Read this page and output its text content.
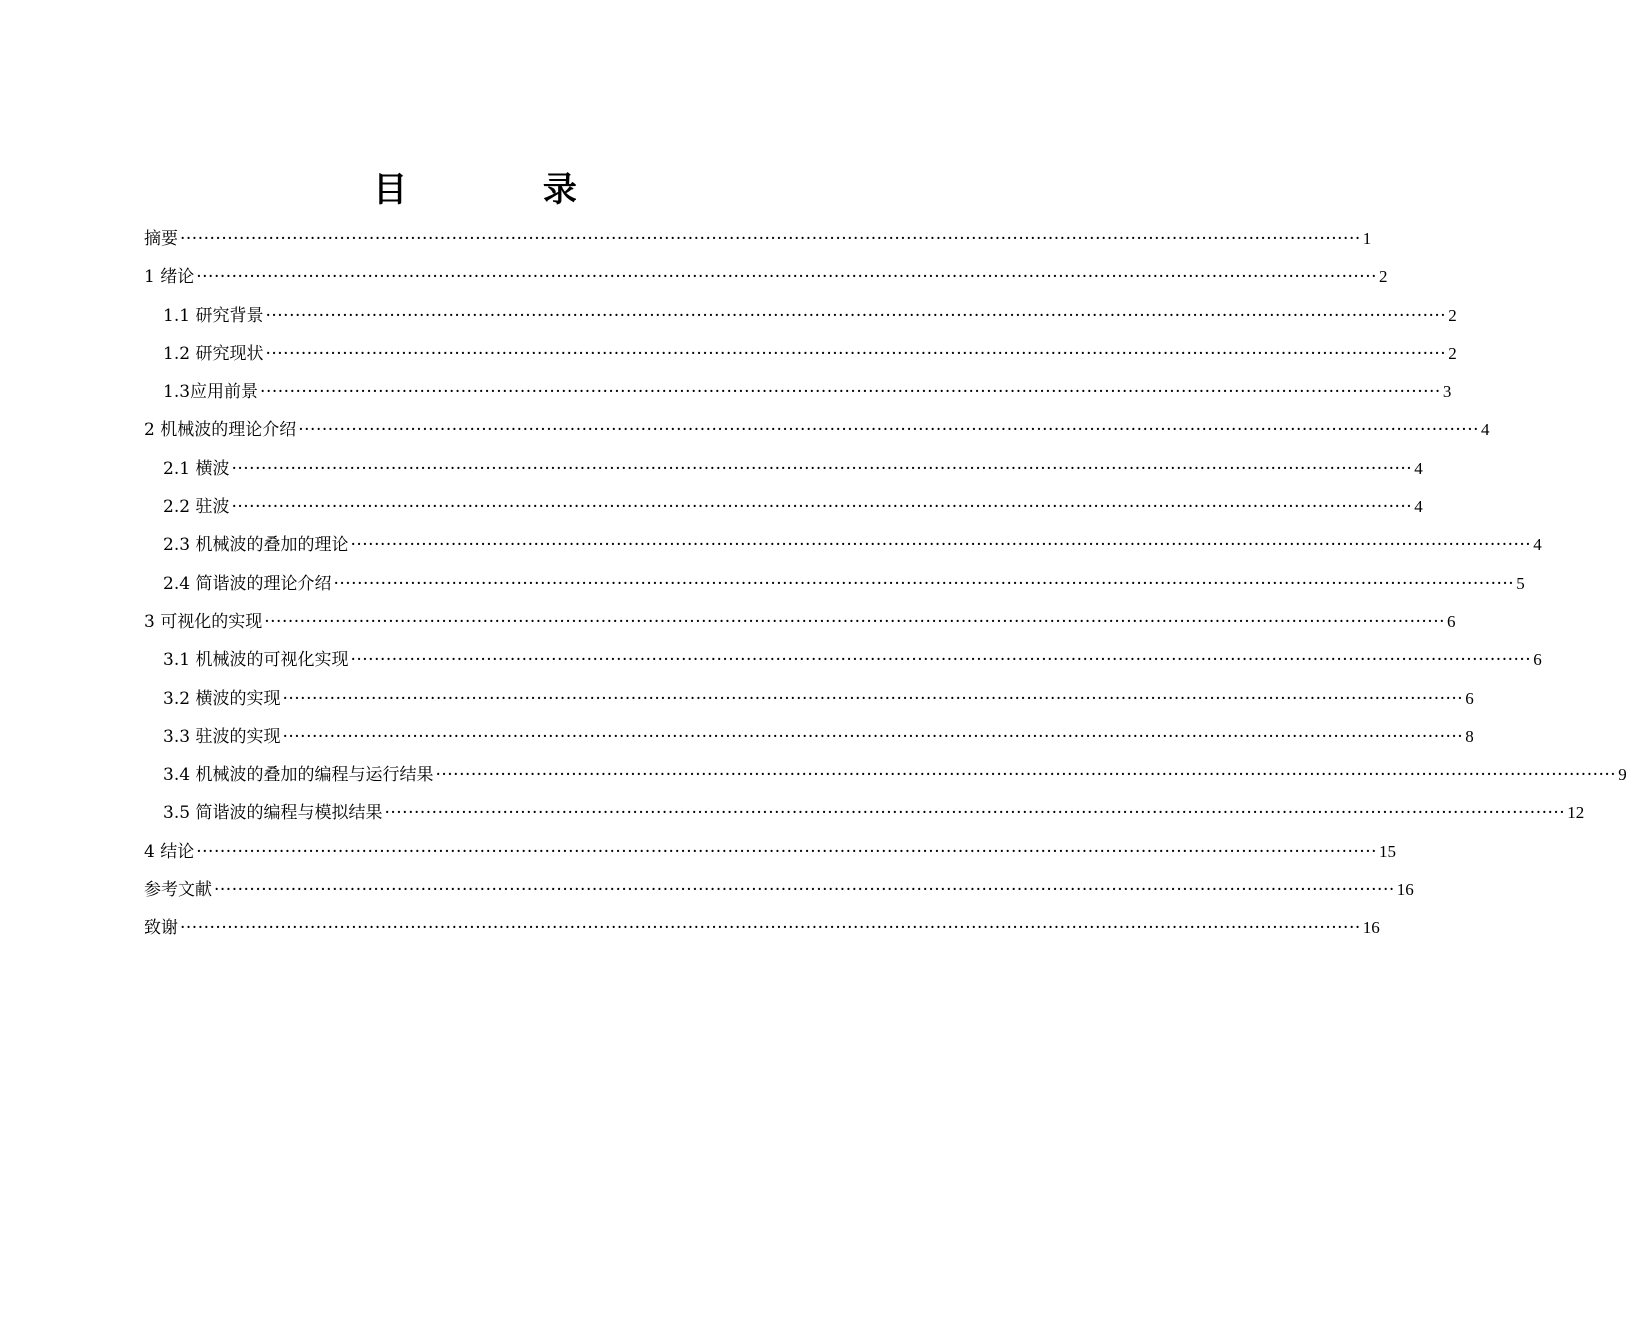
目 录
摘要 ········································································································································································································ 1
1 绪论 ········································································································································································································ 2
1.1 研究背景 ········································································································································································································ 2
1.2 研究现状 ········································································································································································································ 2
1.3应用前景 ········································································································································································································ 3
2 机械波的理论介绍 ········································································································································································································ 4
2.1 横波 ········································································································································································································ 4
2.2 驻波 ········································································································································································································ 4
2.3 机械波的叠加的理论 ········································································································································································································ 4
2.4 简谐波的理论介绍 ········································································································································································································ 5
3 可视化的实现 ········································································································································································································ 6
3.1 机械波的可视化实现 ········································································································································································································ 6
3.2 横波的实现 ········································································································································································································ 6
3.3 驻波的实现 ········································································································································································································ 8
3.4 机械波的叠加的编程与运行结果 ········································································································································································································ 9
3.5 简谐波的编程与模拟结果 ········································································································································································································ 12
4 结论 ········································································································································································································ 15
参考文献 ········································································································································································································ 16
致谢 ········································································································································································································ 16
